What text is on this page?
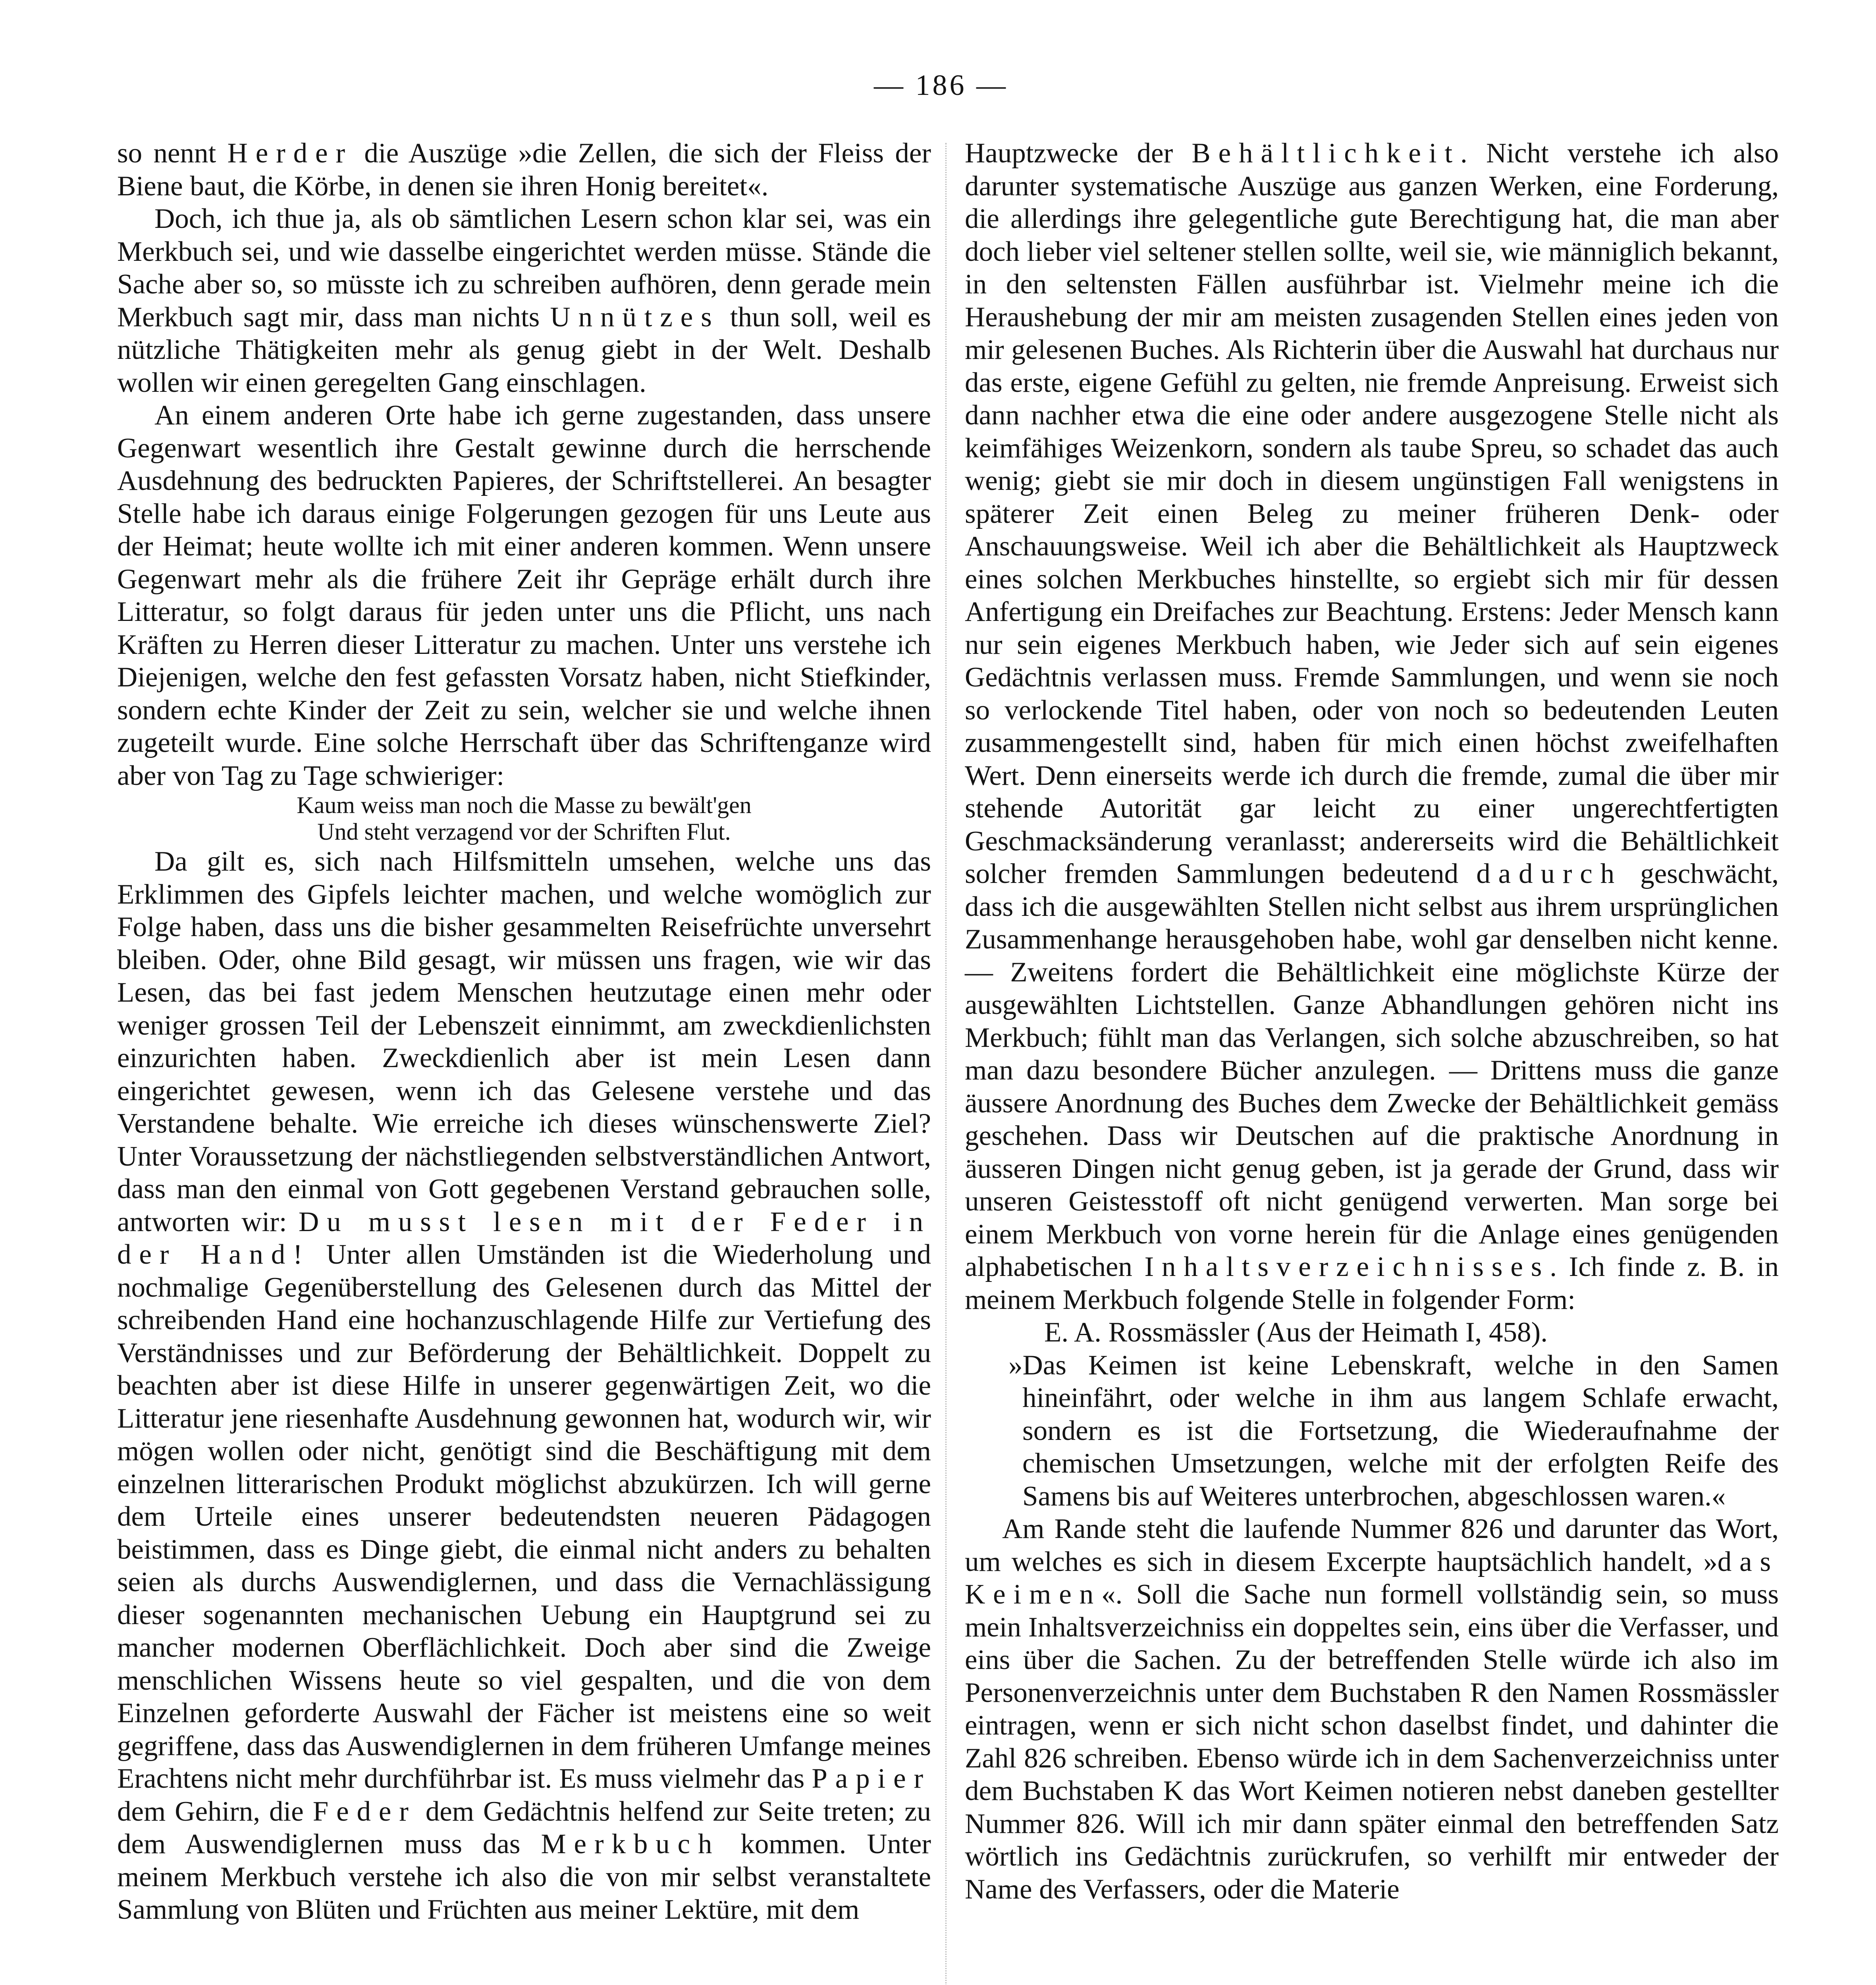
— 186 —

so nennt Herder die Auszüge »die Zellen, die sich der Fleiss der Biene baut, die Körbe, in denen sie ihren Honig bereitet«.

Doch, ich thue ja, als ob sämtlichen Lesern schon klar sei, was ein Merkbuch sei, und wie dasselbe eingerichtet werden müsse. Stände die Sache aber so, so müsste ich zu schreiben aufhören, denn gerade mein Merkbuch sagt mir, dass man nichts Unnützes thun soll, weil es nützliche Thätigkeiten mehr als genug giebt in der Welt. Deshalb wollen wir einen geregelten Gang einschlagen.

An einem anderen Orte habe ich gerne zugestanden, dass unsere Gegenwart wesentlich ihre Gestalt gewinne durch die herrschende Ausdehnung des bedruckten Papieres, der Schriftstellerei. An besagter Stelle habe ich daraus einige Folgerungen gezogen für uns Leute aus der Heimat; heute wollte ich mit einer anderen kommen. Wenn unsere Gegenwart mehr als die frühere Zeit ihr Gepräge erhält durch ihre Litteratur, so folgt daraus für jeden unter uns die Pflicht, uns nach Kräften zu Herren dieser Litteratur zu machen. Unter uns verstehe ich Diejenigen, welche den fest gefassten Vorsatz haben, nicht Stiefkinder, sondern echte Kinder der Zeit zu sein, welcher sie und welche ihnen zugeteilt wurde. Eine solche Herrschaft über das Schriftenganze wird aber von Tag zu Tage schwieriger:

Kaum weiss man noch die Masse zu bewält'gen
Und steht verzagend vor der Schriften Flut.

Da gilt es, sich nach Hilfsmitteln umsehen, welche uns das Erklimmen des Gipfels leichter machen, und welche womöglich zur Folge haben, dass uns die bisher gesammelten Reisefrüchte unversehrt bleiben. Oder, ohne Bild gesagt, wir müssen uns fragen, wie wir das Lesen, das bei fast jedem Menschen heutzutage einen mehr oder weniger grossen Teil der Lebenszeit einnimmt, am zweckdienlichsten einzurichten haben. Zweckdienlich aber ist mein Lesen dann eingerichtet gewesen, wenn ich das Gelesene verstehe und das Verstandene behalte. Wie erreiche ich dieses wünschenswerte Ziel? Unter Voraussetzung der nächstliegenden selbstverständlichen Antwort, dass man den einmal von Gott gegebenen Verstand gebrauchen solle, antworten wir: Du musst lesen mit der Feder in der Hand! Unter allen Umständen ist die Wiederholung und nochmalige Gegenüberstellung des Gelesenen durch das Mittel der schreibenden Hand eine hochanzuschlagende Hilfe zur Vertiefung des Verständnisses und zur Beförderung der Behältlichkeit. Doppelt zu beachten aber ist diese Hilfe in unserer gegenwärtigen Zeit, wo die Litteratur jene riesenhafte Ausdehnung gewonnen hat, wodurch wir, wir mögen wollen oder nicht, genötigt sind die Beschäftigung mit dem einzelnen litterarischen Produkt möglichst abzukürzen. Ich will gerne dem Urteile eines unserer bedeutendsten neueren Pädagogen beistimmen, dass es Dinge giebt, die einmal nicht anders zu behalten seien als durchs Auswendiglernen, und dass die Vernachlässigung dieser sogenannten mechanischen Uebung ein Hauptgrund sei zu mancher modernen Oberflächlichkeit. Doch aber sind die Zweige menschlichen Wissens heute so viel gespalten, und die von dem Einzelnen geforderte Auswahl der Fächer ist meistens eine so weit gegriffene, dass das Auswendiglernen in dem früheren Umfange meines Erachtens nicht mehr durchführbar ist. Es muss vielmehr das Papier dem Gehirn, die Feder dem Gedächtnis helfend zur Seite treten; zu dem Auswendiglernen muss das Merkbuch kommen. Unter meinem Merkbuch verstehe ich also die von mir selbst veranstaltete Sammlung von Blüten und Früchten aus meiner Lektüre, mit dem

Hauptzwecke der Behältlichkeit. Nicht verstehe ich also darunter systematische Auszüge aus ganzen Werken, eine Forderung, die allerdings ihre gelegentliche gute Berechtigung hat, die man aber doch lieber viel seltener stellen sollte, weil sie, wie männiglich bekannt, in den seltensten Fällen ausführbar ist. Vielmehr meine ich die Heraushebung der mir am meisten zusagenden Stellen eines jeden von mir gelesenen Buches. Als Richterin über die Auswahl hat durchaus nur das erste, eigene Gefühl zu gelten, nie fremde Anpreisung. Erweist sich dann nachher etwa die eine oder andere ausgezogene Stelle nicht als keimfähiges Weizenkorn, sondern als taube Spreu, so schadet das auch wenig; giebt sie mir doch in diesem ungünstigen Fall wenigstens in späterer Zeit einen Beleg zu meiner früheren Denk- oder Anschauungsweise. Weil ich aber die Behältlichkeit als Hauptzweck eines solchen Merkbuches hinstellte, so ergiebt sich mir für dessen Anfertigung ein Dreifaches zur Beachtung. Erstens: Jeder Mensch kann nur sein eigenes Merkbuch haben, wie Jeder sich auf sein eigenes Gedächtnis verlassen muss. Fremde Sammlungen, und wenn sie noch so verlockende Titel haben, oder von noch so bedeutenden Leuten zusammengestellt sind, haben für mich einen höchst zweifelhaften Wert. Denn einerseits werde ich durch die fremde, zumal die über mir stehende Autorität gar leicht zu einer ungerechtfertigten Geschmacksänderung veranlasst; andererseits wird die Behältlichkeit solcher fremden Sammlungen bedeutend dadurch geschwächt, dass ich die ausgewählten Stellen nicht selbst aus ihrem ursprünglichen Zusammenhange herausgehoben habe, wohl gar denselben nicht kenne. — Zweitens fordert die Behältlichkeit eine möglichste Kürze der ausgewählten Lichtstellen. Ganze Abhandlungen gehören nicht ins Merkbuch; fühlt man das Verlangen, sich solche abzuschreiben, so hat man dazu besondere Bücher anzulegen. — Drittens muss die ganze äussere Anordnung des Buches dem Zwecke der Behältlichkeit gemäss geschehen. Dass wir Deutschen auf die praktische Anordnung in äusseren Dingen nicht genug geben, ist ja gerade der Grund, dass wir unseren Geistesstoff oft nicht genügend verwerten. Man sorge bei einem Merkbuch von vorne herein für die Anlage eines genügenden alphabetischen Inhaltsverzeichnisses. Ich finde z. B. in meinem Merkbuch folgende Stelle in folgender Form:

E. A. Rossmässler (Aus der Heimath I, 458).
»Das Keimen ist keine Lebenskraft, welche in den Samen hineinfährt, oder welche in ihm aus langem Schlafe erwacht, sondern es ist die Fortsetzung, die Wiederaufnahme der chemischen Umsetzungen, welche mit der erfolgten Reife des Samens bis auf Weiteres unterbrochen, abgeschlossen waren.«

Am Rande steht die laufende Nummer 826 und darunter das Wort, um welches es sich in diesem Excerpte hauptsächlich handelt, »das Keimen«. Soll die Sache nun formell vollständig sein, so muss mein Inhaltsverzeichniss ein doppeltes sein, eins über die Verfasser, und eins über die Sachen. Zu der betreffenden Stelle würde ich also im Personenverzeichnis unter dem Buchstaben R den Namen Rossmässler eintragen, wenn er sich nicht schon daselbst findet, und dahinter die Zahl 826 schreiben. Ebenso würde ich in dem Sachenverzeichniss unter dem Buchstaben K das Wort Keimen notieren nebst daneben gestellter Nummer 826. Will ich mir dann später einmal den betreffenden Satz wörtlich ins Gedächtnis zurückrufen, so verhilft mir entweder der Name des Verfassers, oder die Materie
